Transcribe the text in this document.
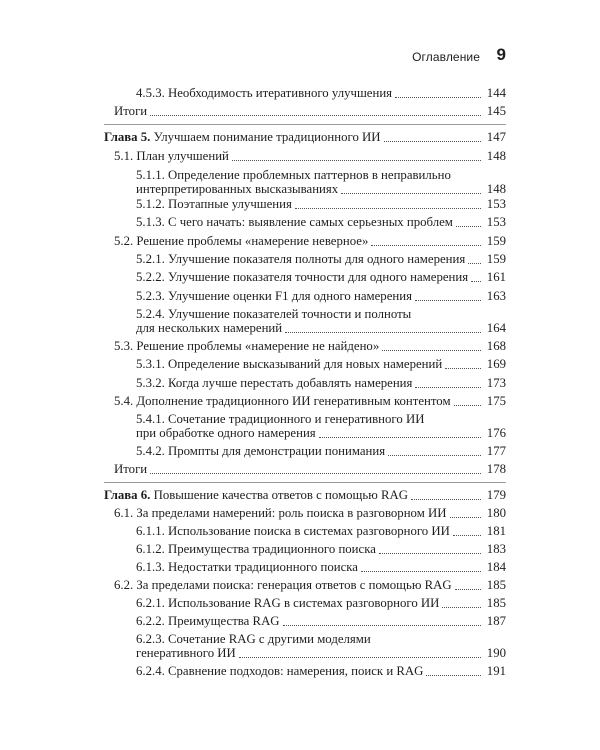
Оглавление 9
4.5.3. Необходимость итеративного улучшения	144
Итоги	145
Глава 5. Улучшаем понимание традиционного ИИ	147
5.1. План улучшений	148
5.1.1. Определение проблемных паттернов в неправильно
интерпретированных высказываниях	148
5.1.2. Поэтапные улучшения	153
5.1.3. С чего начать: выявление самых серьезных проблем	153
5.2. Решение проблемы «намерение неверное»	159
5.2.1. Улучшение показателя полноты для одного намерения 159
5.2.2. Улучшение показателя точности для одного намерения 161
5.2.3. Улучшение оценки F1 для одного намерения	163
5.2.4. Улучшение показателей точности и полноты
для нескольких намерений	164
5.3. Решение проблемы «намерение не найдено»	168
5.3.1. Определение высказываний для новых намерений	169
5.3.2. Когда лучше перестать добавлять намерения	173
5.4. Дополнение традиционного ИИ генеративным контентом	175
5.4.1. Сочетание традиционного и генеративного ИИ
при обработке одного намерения	176
5.4.2. Промпты для демонстрации понимания	177
Итоги	178
Глава 6. Повышение качества ответов с помощью RAG	179
6.1. За пределами намерений: роль поиска в разговорном ИИ	180
6.1.1. Использование поиска в системах разговорного ИИ	181
6.1.2. Преимущества традиционного поиска	183
6.1.3. Недостатки традиционного поиска	184
6.2. За пределами поиска: генерация ответов с помощью RAG	185
6.2.1. Использование RAG в системах разговорного ИИ	185
6.2.2. Преимущества RAG	187
6.2.3. Сочетание RAG с другими моделями
генеративного ИИ	190
6.2.4. Сравнение подходов: намерения, поиск и RAG	191
